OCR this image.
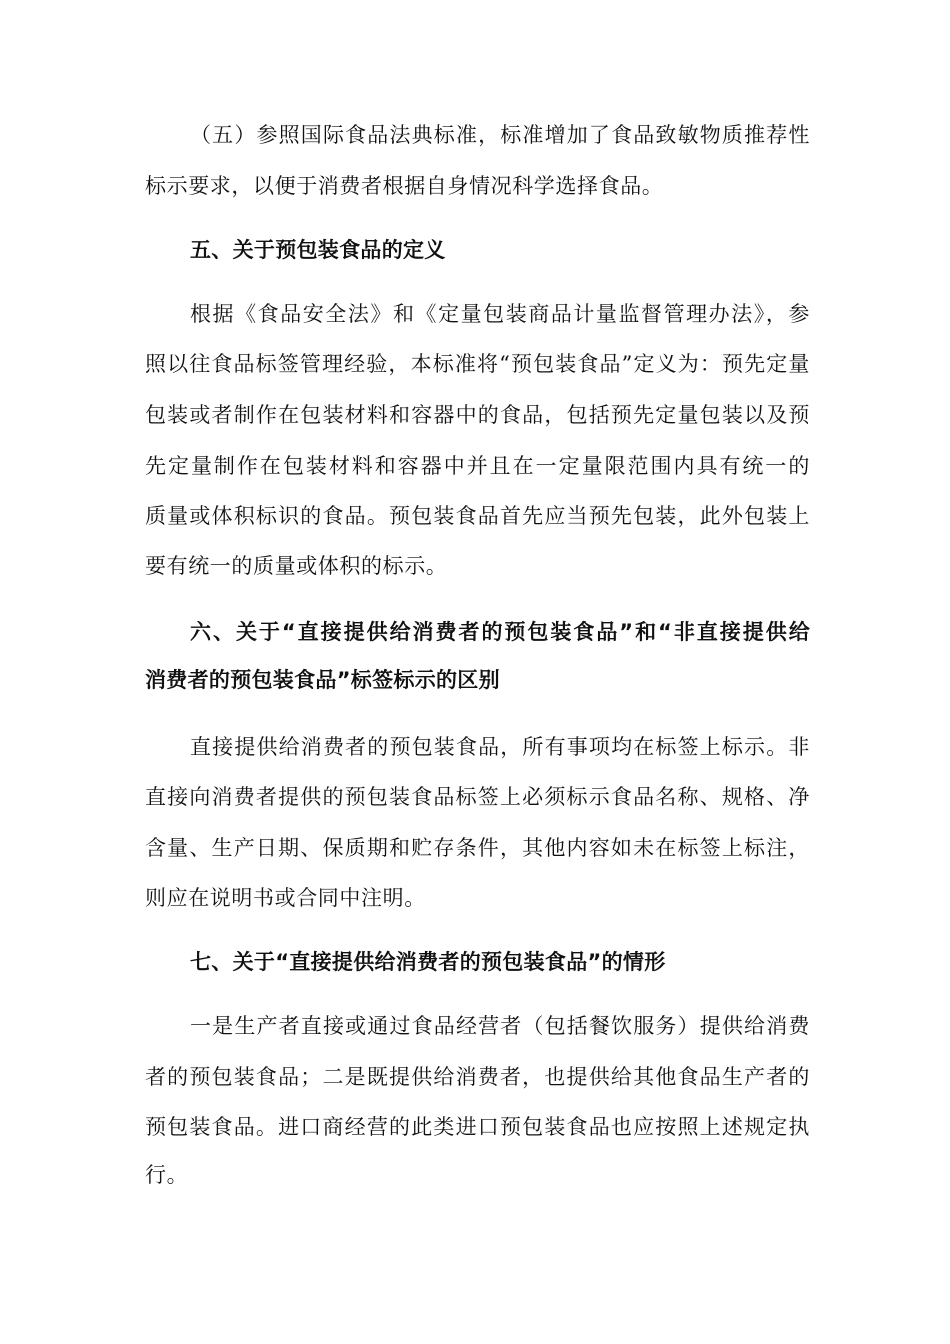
（五）参照国际食品法典标准，标准增加了食品致敏物质推荐性
标示要求，以便于消费者根据自身情况科学选择食品。
五、关于预包装食品的定义
根据《食品安全法》和《定量包装商品计量监督管理办法》，参
照以往食品标签管理经验，本标准将“预包装食品”定义为：预先定量
包装或者制作在包装材料和容器中的食品，包括预先定量包装以及预
先定量制作在包装材料和容器中并且在一定量限范围内具有统一的
质量或体积标识的食品。预包装食品首先应当预先包装，此外包装上
要有统一的质量或体积的标示。
六、关于“直接提供给消费者的预包装食品”和“非直接提供给
消费者的预包装食品”标签标示的区别
直接提供给消费者的预包装食品，所有事项均在标签上标示。非
直接向消费者提供的预包装食品标签上必须标示食品名称、规格、净
含量、生产日期、保质期和贮存条件，其他内容如未在标签上标注，
则应在说明书或合同中注明。
七、关于“直接提供给消费者的预包装食品”的情形
一是生产者直接或通过食品经营者（包括餐饮服务）提供给消费
者的预包装食品；二是既提供给消费者，也提供给其他食品生产者的
预包装食品。进口商经营的此类进口预包装食品也应按照上述规定执
行。
